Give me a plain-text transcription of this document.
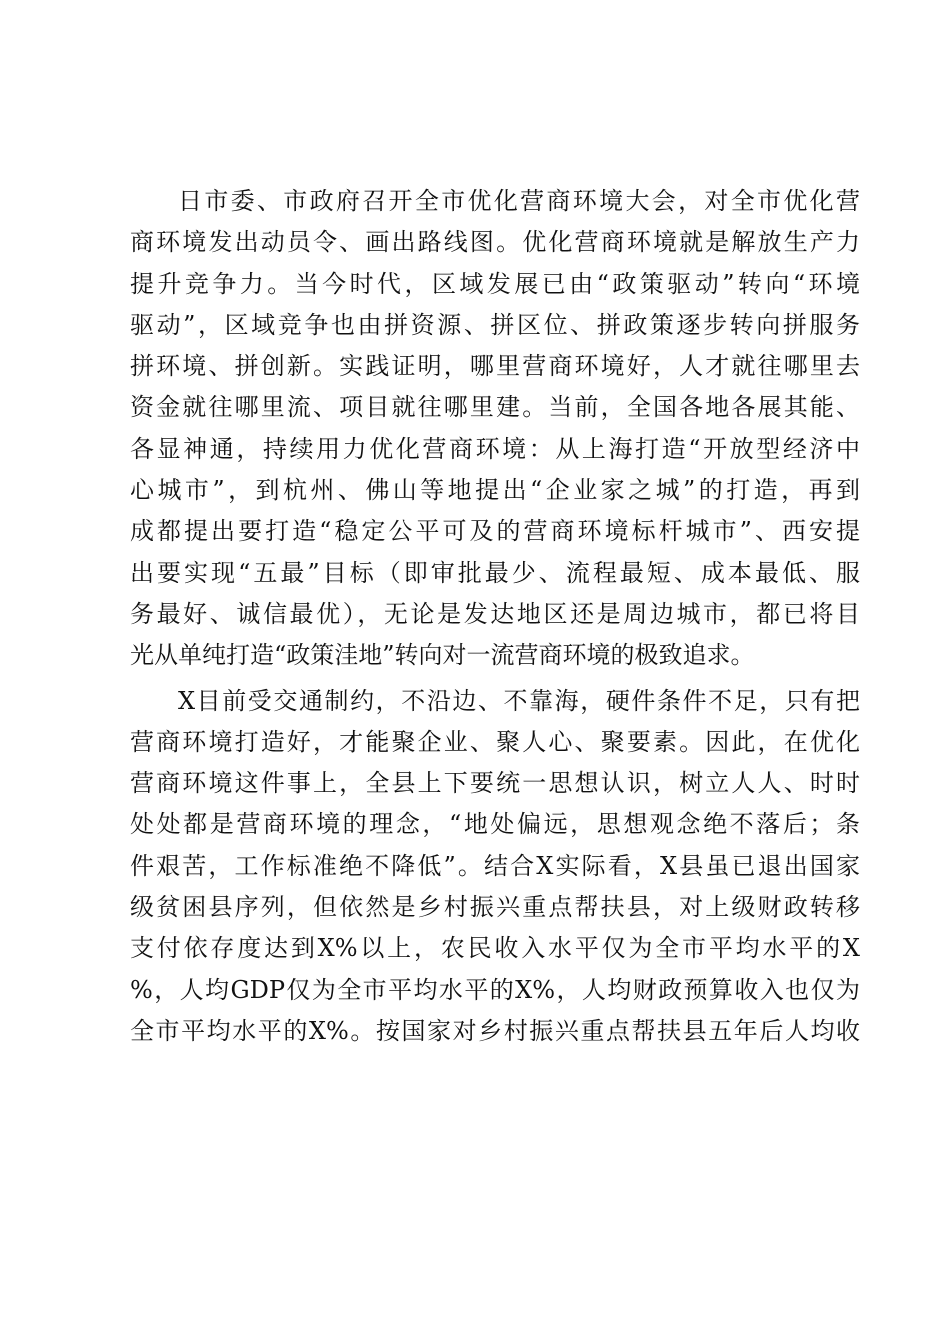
日市委、市政府召开全市优化营商环境大会，对全市优化营
商环境发出动员令、画出路线图。优化营商环境就是解放生产力
提升竞争力。当今时代，区域发展已由“政策驱动”转向“环境
驱动”，区域竞争也由拼资源、拼区位、拼政策逐步转向拼服务
拼环境、拼创新。实践证明，哪里营商环境好，人才就往哪里去
资金就往哪里流、项目就往哪里建。当前，全国各地各展其能、
各显神通，持续用力优化营商环境：从上海打造“开放型经济中
心城市”，到杭州、佛山等地提出“企业家之城”的打造，再到
成都提出要打造“稳定公平可及的营商环境标杆城市”、西安提
出要实现“五最”目标（即审批最少、流程最短、成本最低、服
务最好、诚信最优），无论是发达地区还是周边城市，都已将目
光从单纯打造“政策洼地”转向对一流营商环境的极致追求。
X目前受交通制约，不沿边、不靠海，硬件条件不足，只有把
营商环境打造好，才能聚企业、聚人心、聚要素。因此，在优化
营商环境这件事上，全县上下要统一思想认识，树立人人、时时
处处都是营商环境的理念，“地处偏远，思想观念绝不落后；条
件艰苦，工作标准绝不降低”。结合X实际看，X县虽已退出国家
级贫困县序列，但依然是乡村振兴重点帮扶县，对上级财政转移
支付依存度达到X%以上，农民收入水平仅为全市平均水平的X
%，人均GDP仅为全市平均水平的X%，人均财政预算收入也仅为
全市平均水平的X%。按国家对乡村振兴重点帮扶县五年后人均收
